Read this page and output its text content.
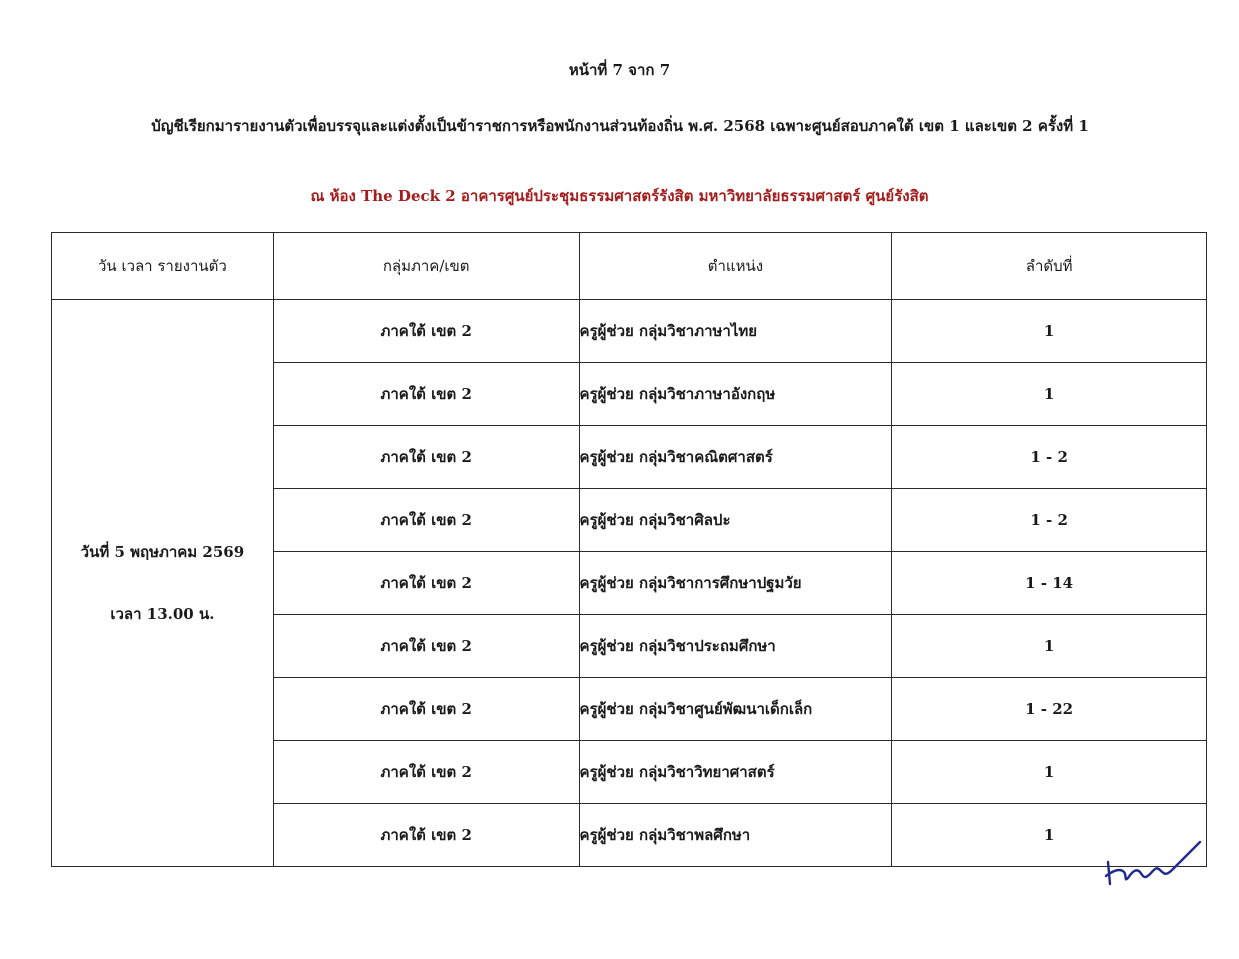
หน้าที่ 7 จาก 7
บัญชีเรียกมารายงานตัวเพื่อบรรจุและแต่งตั้งเป็นข้าราชการหรือพนักงานส่วนท้องถิ่น พ.ศ. 2568 เฉพาะศูนย์สอบภาคใต้ เขต 1 และเขต 2 ครั้งที่ 1
ณ ห้อง The Deck 2 อาคารศูนย์ประชุมธรรมศาสตร์รังสิต มหาวิทยาลัยธรรมศาสตร์ ศูนย์รังสิต
วัน เวลา รายงานตัว	กลุ่มภาค/เขต	ตำแหน่ง	ลำดับที่

วันที่ 5 พฤษภาคม 2569
เวลา 13.00 น.	ภาคใต้ เขต 2	ครูผู้ช่วย กลุ่มวิชาภาษาไทย	1
	ภาคใต้ เขต 2	ครูผู้ช่วย กลุ่มวิชาภาษาอังกฤษ	1
	ภาคใต้ เขต 2	ครูผู้ช่วย กลุ่มวิชาคณิตศาสตร์	1 - 2
	ภาคใต้ เขต 2	ครูผู้ช่วย กลุ่มวิชาศิลปะ	1 - 2
	ภาคใต้ เขต 2	ครูผู้ช่วย กลุ่มวิชาการศึกษาปฐมวัย	1 - 14
	ภาคใต้ เขต 2	ครูผู้ช่วย กลุ่มวิชาประถมศึกษา	1
	ภาคใต้ เขต 2	ครูผู้ช่วย กลุ่มวิชาศูนย์พัฒนาเด็กเล็ก	1 - 22
	ภาคใต้ เขต 2	ครูผู้ช่วย กลุ่มวิชาวิทยาศาสตร์	1
	ภาคใต้ เขต 2	ครูผู้ช่วย กลุ่มวิชาพลศึกษา	1
